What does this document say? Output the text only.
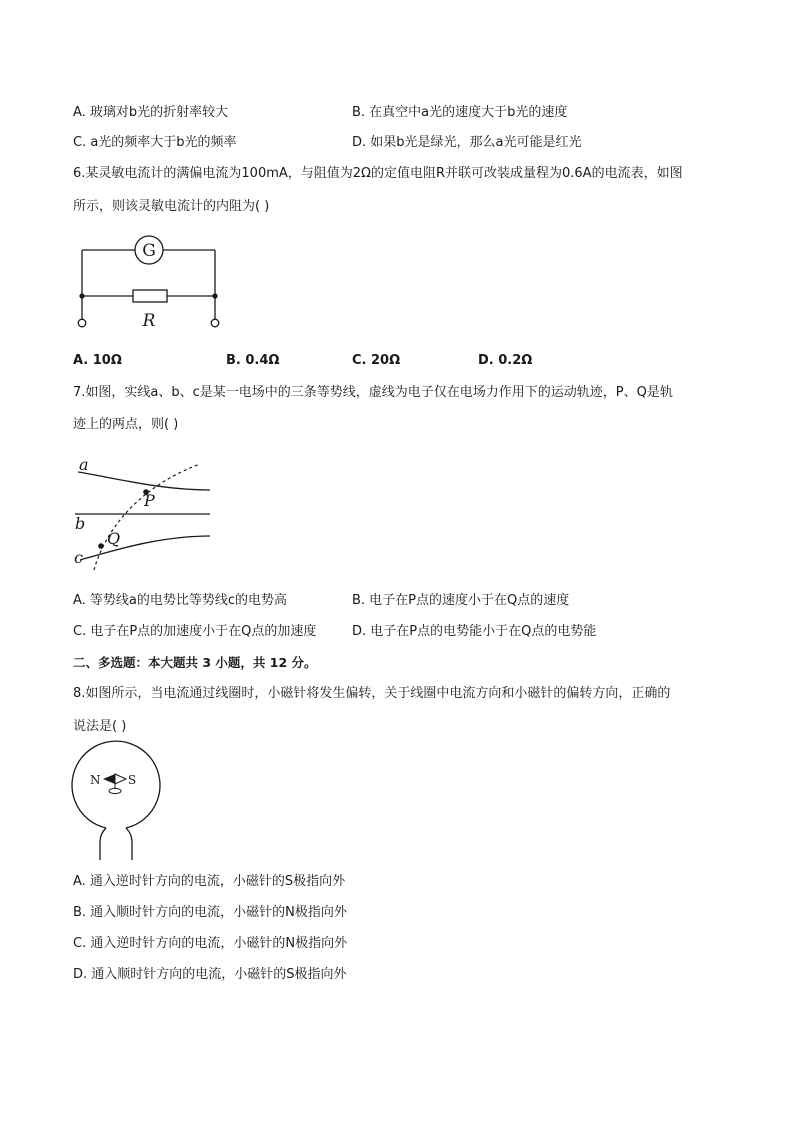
A. 玻璃对b光的折射率较大	B. 在真空中a光的速度大于b光的速度
C. a光的频率大于b光的频率	D. 如果b光是绿光，那么a光可能是红光
6.某灵敏电流计的满偏电流为100mA，与阻值为2Ω的定值电阻R并联可改装成量程为0.6A的电流表，如图
所示，则该灵敏电流计的内阻为( )
G
R
A. 10Ω	B. 0.4Ω	C. 20Ω	D. 0.2Ω
7.如图，实线a、b、c是某一电场中的三条等势线，虚线为电子仅在电场力作用下的运动轨迹，P、Q是轨
迹上的两点，则( )
a
b
c
P
Q
A. 等势线a的电势比等势线c的电势高	B. 电子在P点的速度小于在Q点的速度
C. 电子在P点的加速度小于在Q点的加速度	D. 电子在P点的电势能小于在Q点的电势能
二、多选题：本大题共 3 小题，共 12 分。
8.如图所示，当电流通过线圈时，小磁针将发生偏转，关于线圈中电流方向和小磁针的偏转方向，正确的
说法是( )
N S
A. 通入逆时针方向的电流，小磁针的S极指向外
B. 通入顺时针方向的电流，小磁针的N极指向外
C. 通入逆时针方向的电流，小磁针的N极指向外
D. 通入顺时针方向的电流，小磁针的S极指向外
